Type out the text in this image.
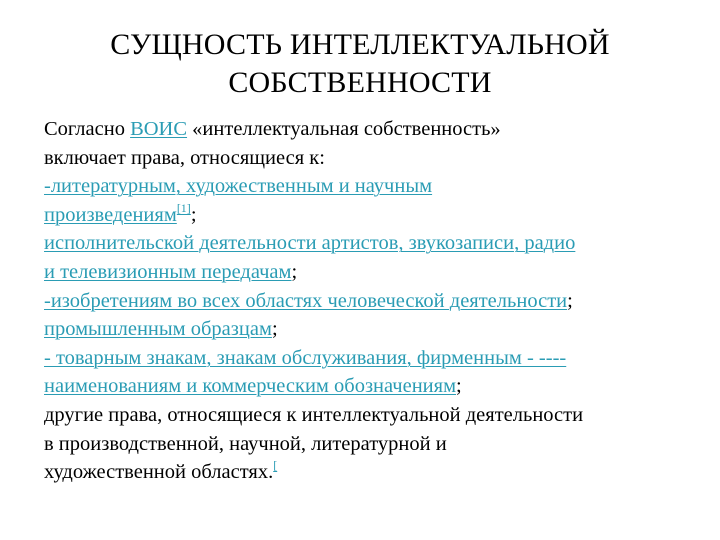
СУЩНОСТЬ ИНТЕЛЛЕКТУАЛЬНОЙ
СОБСТВЕННОСТИ
Согласно ВОИС «интеллектуальная собственность»
включает права, относящиеся к:
-литературным, художественным и научным
произведениям[1];
исполнительской деятельности артистов, звукозаписи, радио
и телевизионным передачам;
-изобретениям во всех областях человеческой деятельности;
промышленным образцам;
- товарным знакам, знакам обслуживания, фирменным - ----
наименованиям и коммерческим обозначениям;
другие права, относящиеся к интеллектуальной деятельности
в производственной, научной, литературной и
художественной областях.[
